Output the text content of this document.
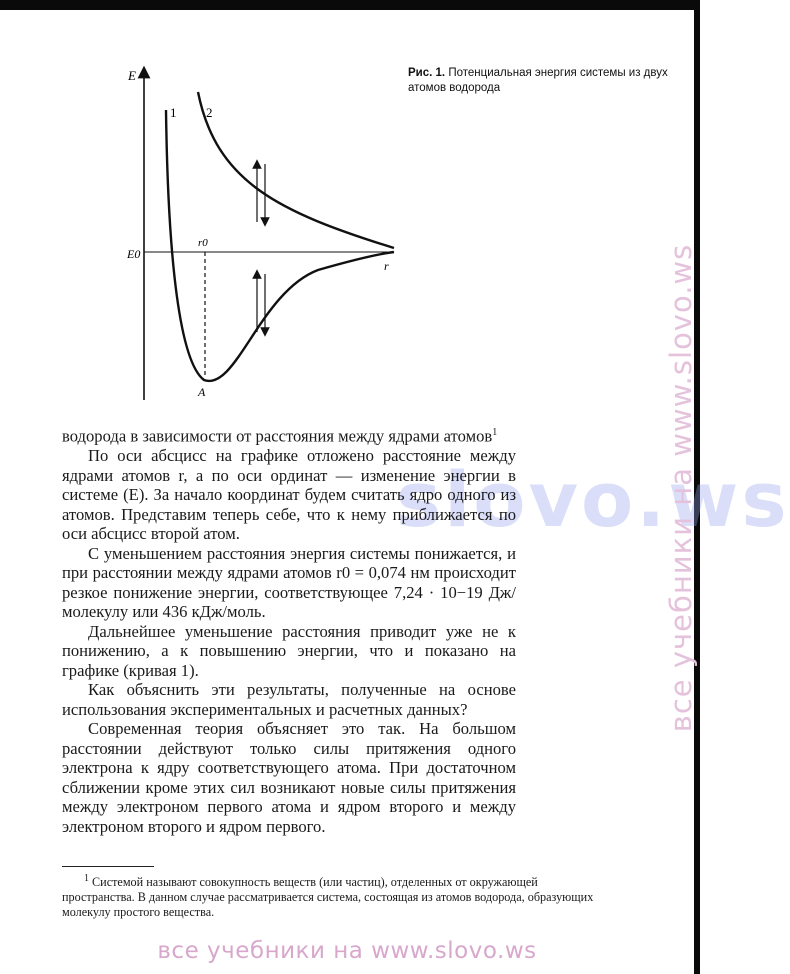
slovo.ws
E
E0
r
1 2
r0
A
Рис. 1. Потенциальная энергия системы из двух атомов водорода

водорода в зависимости от расстояния между ядрами атомов$^1$

По оси абсцисс на графике отложено расстояние между ядрами атомов r, а по оси ординат — изменение энергии в системе (E). За начало координат будем считать ядро одного из атомов. Представим теперь себе, что к нему приближается по оси абсцисс второй атом.

С уменьшением расстояния энергия системы понижается, и при расстоянии между ядрами атомов r0 = 0,074 нм происходит резкое понижение энергии, соответствующее 7,24 · 10−19 Дж/молекулу или 436 кДж/моль.

Дальнейшее уменьшение расстояния приводит уже не к понижению, а к повышению энергии, что и показано на графике (кривая 1).

Как объяснить эти результаты, полученные на основе использования экспериментальных и расчетных данных?

Современная теория объясняет это так. На большом расстоянии действуют только силы притяжения одного электрона к ядру соответствующего атома. При достаточном сближении кроме этих сил возникают новые силы притяжения между электроном первого атома и ядром второго и между электроном второго и ядром первого.

$^1$ Системой называют совокупность веществ (или частиц), отделенных от окружающей

пространства. В данном случае рассматривается система, состоящая из атомов водорода, образующих

молекулу простого вещества.

все учебники на www.slovo.ws
все учебники на www.slovo.ws
